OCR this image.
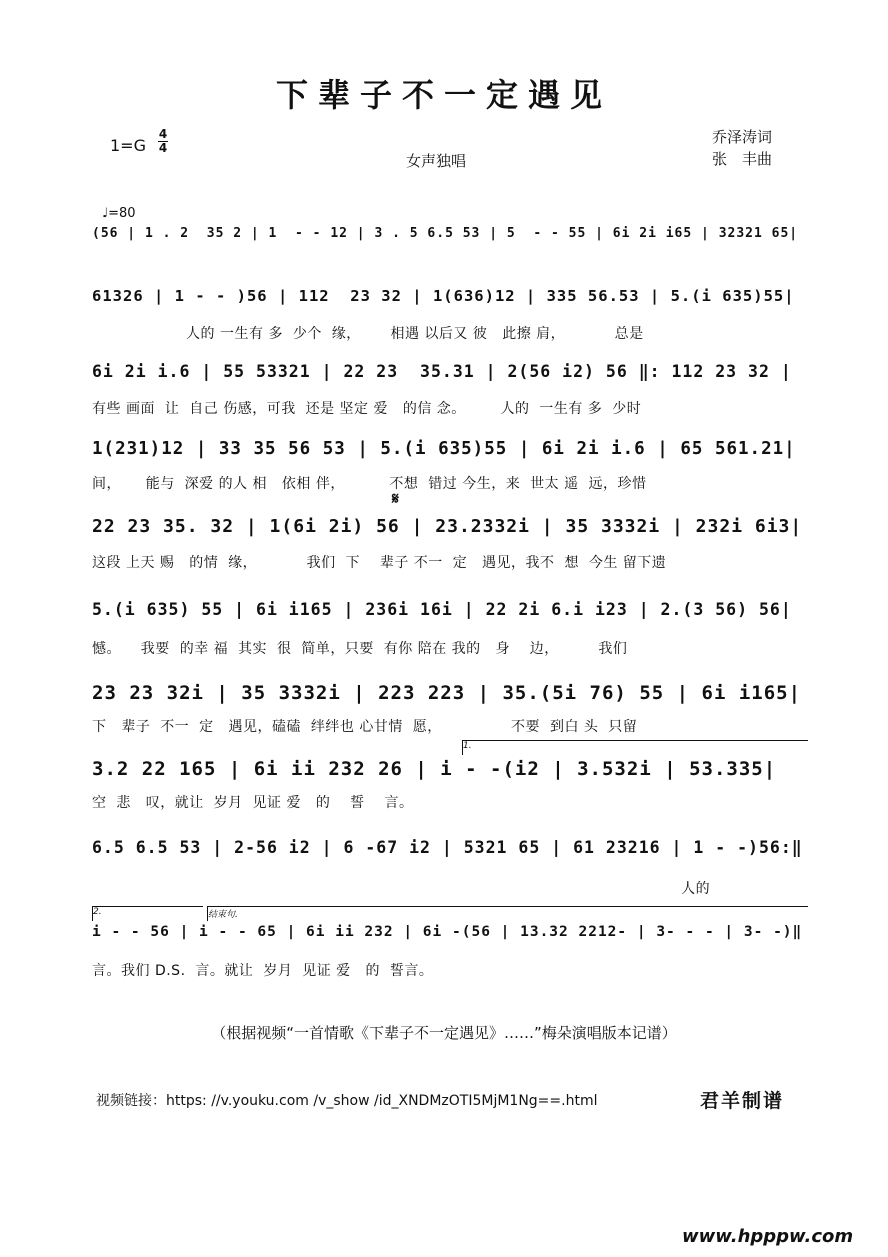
下辈子不一定遇见
1=G
4
4
女声独唱
乔泽涛词
张　丰曲
♩=80
(56 | 1 . 2  35 2 | 1  - - 12 | 3 . 5 6.5 53 | 5  - - 55 | 6i 2i i65 | 32321 65|
61326 | 1 - - )56 | 112  23 32 | 1(636)12 | 335 56.53 | 5.(i 635)55|
人的 一生有 多  少个  缘，      相遇 以后又 彼   此擦 肩，          总是
6i 2i i.6 | 55 53321 | 22 23  35.31 | 2(56 i2) 56 ‖: 112 23 32 |
有些 画面  让  自己 伤感，可我  还是 坚定 爱   的信 念。       人的  一生有 多  少时
1(231)12 | 33 35 56 53 | 5.(i 635)55 | 6i 2i i.6 | 65 561.21|
间，     能与  深爱 的人 相   依相 伴，         不想  错过 今生，来  世太 遥  远，珍惜
𝄋
22 23 35. 32 | 1(6i 2i) 56 | 23.2332i | 35 3332i | 232i 6i3|
这段 上天 赐   的情  缘，          我们  下    辈子 不一  定   遇见，我不  想  今生 留下遗
5.(i 635) 55 | 6i i165 | 236i 16i | 22 2i 6.i i23 | 2.(3 56) 56|
憾。    我要  的幸 福  其实  很  简单，只要  有你 陪在 我的   身    边，        我们
23 23 32i | 35 3332i | 223 223 | 35.(5i 76) 55 | 6i i165|
下   辈子  不一  定   遇见，磕磕  绊绊也 心甘情  愿，              不要  到白 头  只留
1.
3.2 22 165 | 6i ii 232 26 | i - -(i2 | 3.532i | 53.335|
空  悲   叹，就让  岁月  见证 爱   的    誓    言。
6.5 6.5 53 | 2-56 i2 | 6 -67 i2 | 5321 65 | 61 23216 | 1 - -)56:‖
人的
2.	结束句.
i - - 56 | i - - 65 | 6i ii 232 | 6i -(56 | 13.32 2212- | 3- - - | 3- -)‖
言。我们 D.S.  言。就让  岁月  见证 爱   的  誓言。
（根据视频“一首情歌《下辈子不一定遇见》……”梅朵演唱版本记谱）
视频链接：https: //v.youku.com /v_show /id_XNDMzOTI5MjM1Ng==.html	君羊制谱
www.hpppw.com
